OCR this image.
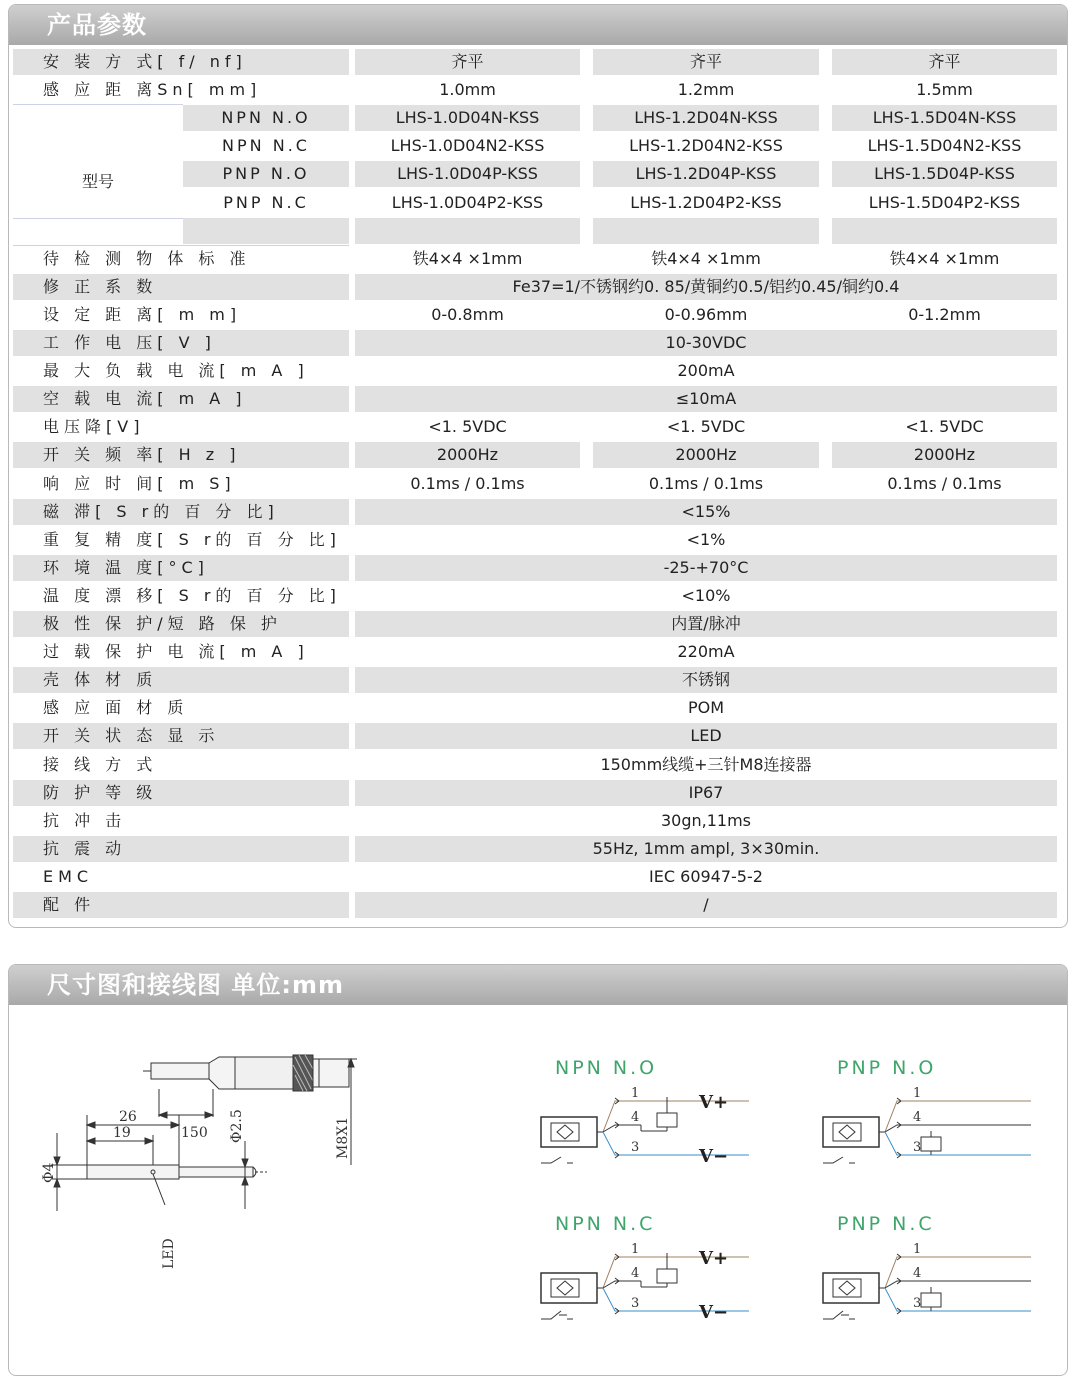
产品参数
安 装 方 式[ f/ nf]	齐平	齐平	齐平
感 应 距 离Sn[ mm]	1.0mm	1.2mm	1.5mm
NPN N.O	LHS-1.0D04N-KSS	LHS-1.2D04N-KSS	LHS-1.5D04N-KSS
NPN N.C	LHS-1.0D04N2-KSS	LHS-1.2D04N2-KSS	LHS-1.5D04N2-KSS
PNP N.O	LHS-1.0D04P-KSS	LHS-1.2D04P-KSS	LHS-1.5D04P-KSS
PNP N.C	LHS-1.0D04P2-KSS	LHS-1.2D04P2-KSS	LHS-1.5D04P2-KSS
待 检 测 物 体 标 准	铁4×4 ×1mm	铁4×4 ×1mm	铁4×4 ×1mm
修 正 系 数	Fe37=1/不锈钢约0. 85/黄铜约0.5/铝约0.45/铜约0.4
设 定 距 离[ m m]	0-0.8mm	0-0.96mm	0-1.2mm
工 作 电 压[ V ]	10-30VDC
最 大 负 载 电 流[ m A ]	200mA
空 载 电 流[ m A ]	≤10mA
电压降[V]	<1. 5VDC	<1. 5VDC	<1. 5VDC
开 关 频 率[ H z ]	2000Hz	2000Hz	2000Hz
响 应 时 间[ m S]	0.1ms / 0.1ms	0.1ms / 0.1ms	0.1ms / 0.1ms
磁 滞[ S r的 百 分 比]	<15%
重 复 精 度[ S r的 百 分 比]	<1%
环 境 温 度[°C]	-25-+70°C
温 度 漂 移[ S r的 百 分 比]	<10%
极 性 保 护/短 路 保 护	内置/脉冲
过 载 保 护 电 流[ m A ]	220mA
壳 体 材 质	不锈钢
感 应 面 材 质	POM
开 关 状 态 显 示	LED
接 线 方 式	150mm线缆+三针M8连接器
防 护 等 级	IP67
抗 冲 击	30gn,11ms
抗 震 动	55Hz, 1mm ampl, 3×30min.
EMC	IEC 60947-5-2
配 件	/
型号
尺寸图和接线图 单位:mm
150
26
19	Φ2.5
Φ4
M8X1
LED
NPN N.O	PNP N.O
NPN N.C	PNP N.C
1
4
3
V+
V−
1
4
3
1
4
3
V+
V−
1
4
3
